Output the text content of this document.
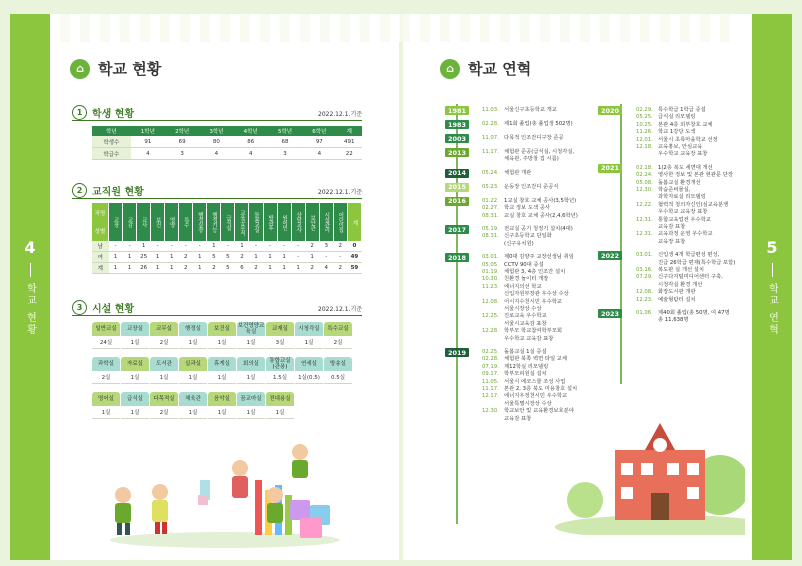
4
학교 현황
5
학교 연혁
⌂ 학교 현황
1 학생 현황	2022.12.1.기준
학년	1학년	2학년	3학년	4학년	5학년	6학년	계
학생수	91	69	80	86	68	97	491
학급수	4	3	4	4	3	4	22
2 교직원 현황	2022.12.1.기준
직명
성별	교장	교감	교사	보건	영양	특수	행정실장	행정기능	급식실	교육공무직	돌봄교실	방과후	원어민	상담교사	보안관	시설관리	어린이집	계
남	-	-	1	-	-	-	-	1	-	1	-	-	-	-	2	3	2	0
여	1	1	25	1	1	2	1	5	5	2	1	1	1	-	1	-	-	49
계	1	1	26	1	1	2	1	2	5	6	2	1	1	1	2	4	2	59
3 시설 현황	2022.12.1.기준
일반교실
24실
교장실
1실
교무실
2실
행정실
1실
보건실
1실
보건영양교육실
1실
교재실
3실
시청각실
1실
특수교실
2실
과학실
2실
자료실
1실
도서관
1실
실과실
1실
휴게실
1실
회의실
1실
통합교실(관용)
1.5실
연세실
1실(0.5)
방송실
0.5실
영어실
1실
급식실
1실
다목적실
2실
체육관
1실
음악실
1실
꿈교마실
1실
전대용실
1실
⌂ 학교 연혁
1981	11.03. 서울신구초등학교 개교
1983	02.28. 제1회 졸업(총 졸업생 502명)
2003	11.07. 다목적 인조잔디구장 준공
2013	11.17. 체험관 준공(급식실, 시청각실,
체육관, 주방창 집 시름)
2014	05.24. 체험관 개관
2015	05.23. 운동장 인조잔디 준공식
2016	01.22. 1교실 창호 교체 공사(3,5학년)
02.27. 학교 정보 도색 공사
08.31. 교실 창호 교체 공사(2,4,6학년)
2017	05.19. 전교실 공기 청정기 설치(4대)
08.31. 신구초등학교 단일화
(신구유치원)
2018	03.01. 제0대 김양주 교장선생님 취임
05.05. CCTV 90대 증설
01.19. 체험관 3, 4층 인조잔 설치
10.30. 친환경 놀이터 개장
11.23. 에너지의선 학교
신입자원부장관 우수상 수상
12.08. 어시지수천시민 우수학교
서울시장상 수상
12.25. 진로교육 우수학교
서울시교육감 표창
12.28. 학부모 학교참여학부모회
우수학교 교육감 표창
2019	02.25. 돌봄교실 1실 증설
02.28. 체험관 북쪽 벽면 타일 교체
07.19. 제12학실 리모델링
09.17. 학부모피원실 설치
11.05. 서울시 에코스쿨 조성 사업
11.17. 본관 2, 3층 북도 미용창호 설치
12.17. 에너지우정천시민 우수학교
서울특별시장상 수상
12.30. 학교보안 및 교육환경보호분야
교육감 표창
2020	02.29. 특수학급 1학급 증설
05.25. 급식실 리모델링
10.25. 본관 4층 외부창호 교체
11.26. 학교 1강당 도색
12.01. 서울시 초록마을학교 선정
12.18. 교육홍보, 안심교육
우수학교 교육장 표창
2021	02.18. 1(2층 복도 세면대 개선
02.24. 영사한 정보 및 본관 현관문 단장
05.08. 돌봄교실 환경개선
12.30. 학습준비물실,
과학자료실 리모델링
12.22. 협력적 청의자신인(심교육분쟁
우수학교 교육장 표창
12.31. 통합교육업전 우수학교
교육감 표창
12.31. 교육과정 운영 우수학교
교육장 표창
2022	03.01. 신입생 4개 학급편성 편성,
진급 26학급 편제(특수학급 포함)
03.16. 복도판 실 개선 설치
07.29. 신구다지털미디어센터 구축,
시청각실 환경 개선
12.08. 화장도시관 개관
12.23. 예술형탐터 설치
2023	01.06. 제40회 졸업(총 50명, 여 47명
총 11,638명
